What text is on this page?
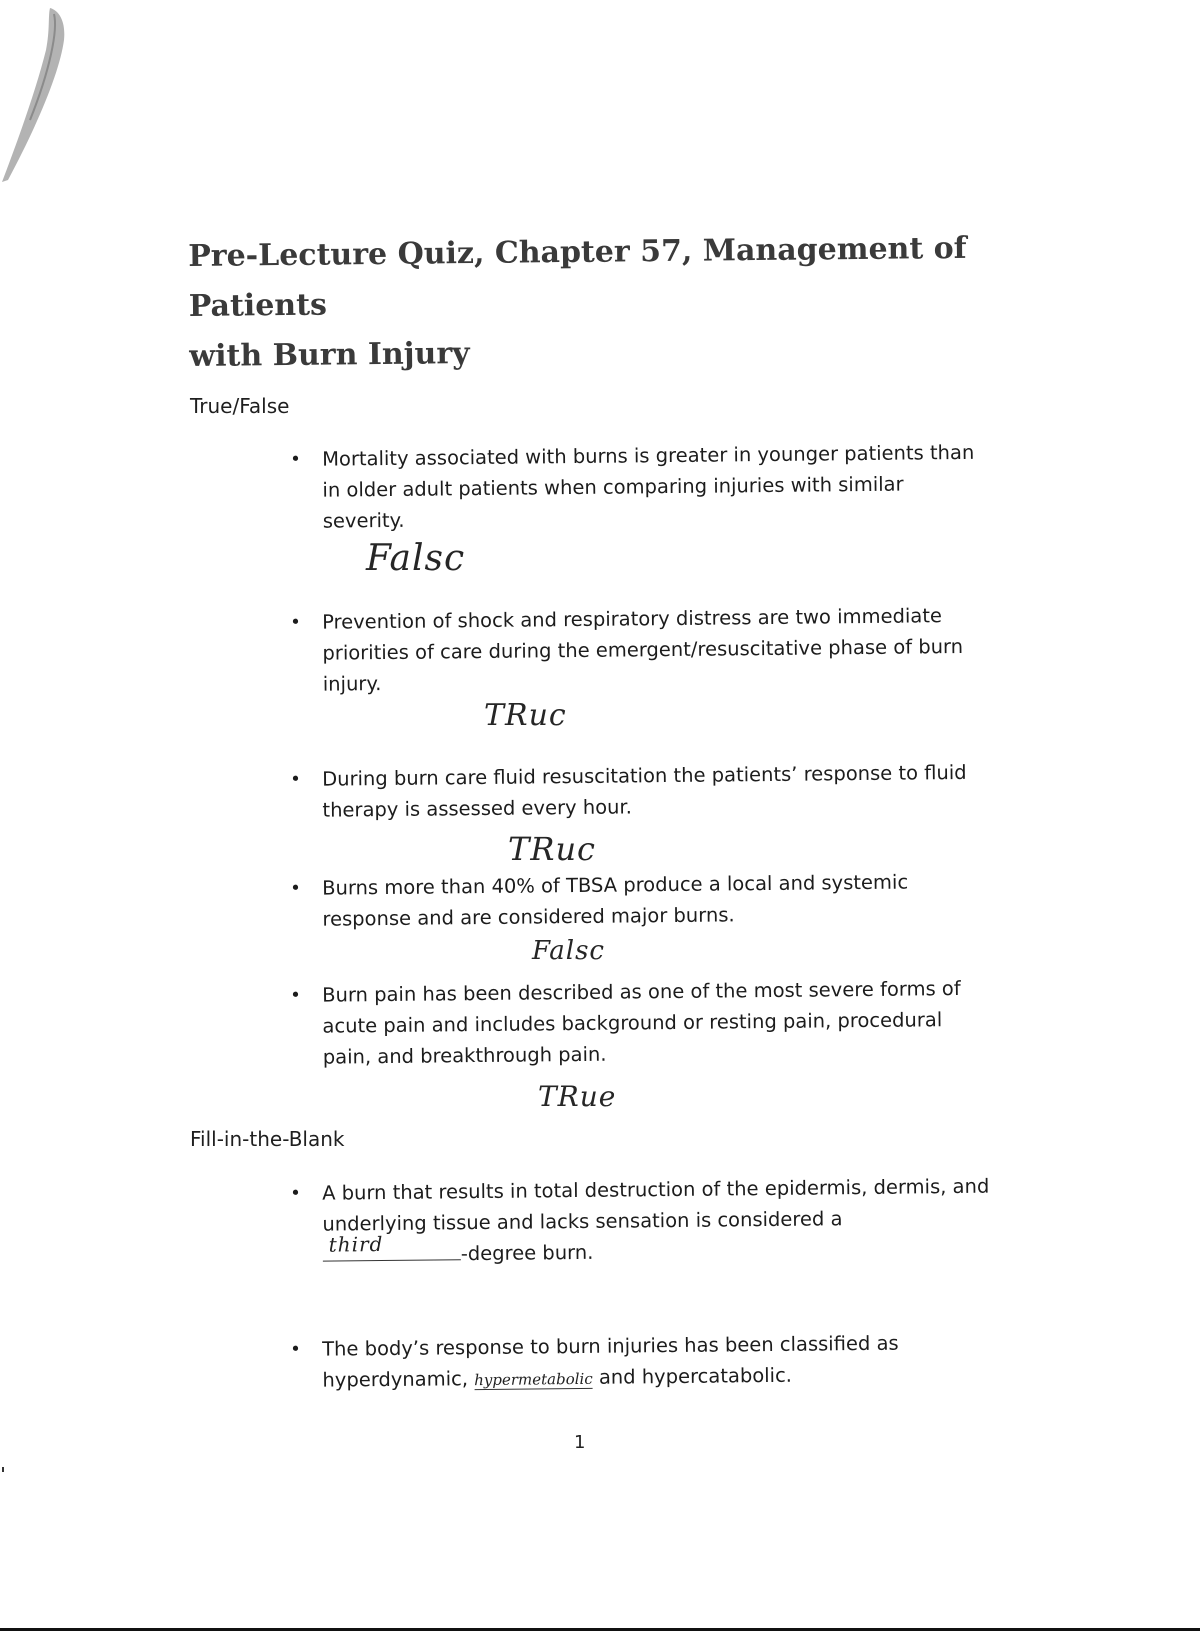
Pre-Lecture Quiz, Chapter 57, Management of Patients
with Burn Injury
True/False
•	Mortality associated with burns is greater in younger patients than in older adult patients when comparing injuries with similar severity.
Falsc
•	Prevention of shock and respiratory distress are two immediate priorities of care during the emergent/resuscitative phase of burn injury.
TRuc
•	During burn care fluid resuscitation the patients’ response to fluid therapy is assessed every hour.
TRuc
•	Burns more than 40% of TBSA produce a local and systemic response and are considered major burns.
Falsc
•	Burn pain has been described as one of the most severe forms of acute pain and includes background or resting pain, procedural pain, and breakthrough pain.
TRue
Fill-in-the-Blank
•	A burn that results in total destruction of the epidermis, dermis, and underlying tissue and lacks sensation is considered a

third	-degree burn.
•	The body’s response to burn injuries has been classified as hyperdynamic, hypermetabolic and hypercatabolic.
1
